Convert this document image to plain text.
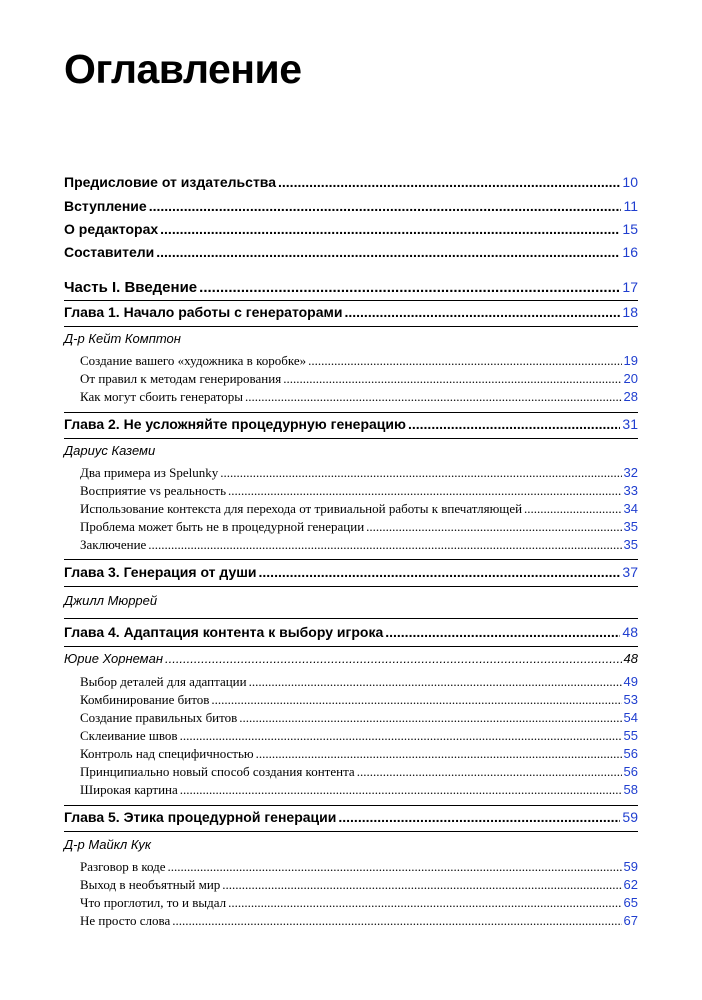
Оглавление
Предисловие от издательства .....	10
Вступление .....	11
О редакторах .....	15
Составители .....	16
Часть I. Введение .....	17
Глава 1. Начало работы с генераторами .....	18

Д-р Кейт Комптон

Создание вашего «художника в коробке» .....	19
От правил к методам генерирования .....	20
Как могут сбоить генераторы .....	28
Глава 2. Не усложняйте процедурную генерацию .....	31

Дариус Каземи

Два примера из Spelunky .....	32
Восприятие vs реальность .....	33
Использование контекста для перехода от тривиальной работы к впечатляющей .....	34
Проблема может быть не в процедурной генерации .....	35
Заключение .....	35
Глава 3. Генерация от души .....	37

Джилл Мюррей

Глава 4. Адаптация контента к выбору игрока .....	48
Юрие Хорнеман .....	48
Выбор деталей для адаптации .....	49
Комбинирование битов .....	53
Создание правильных битов .....	54
Склеивание швов .....	55
Контроль над специфичностью .....	56
Принципиально новый способ создания контента .....	56
Широкая картина .....	58
Глава 5. Этика процедурной генерации .....	59

Д-р Майкл Кук

Разговор в коде .....	59
Выход в необъятный мир .....	62
Что проглотил, то и выдал .....	65
Не просто слова .....	67
